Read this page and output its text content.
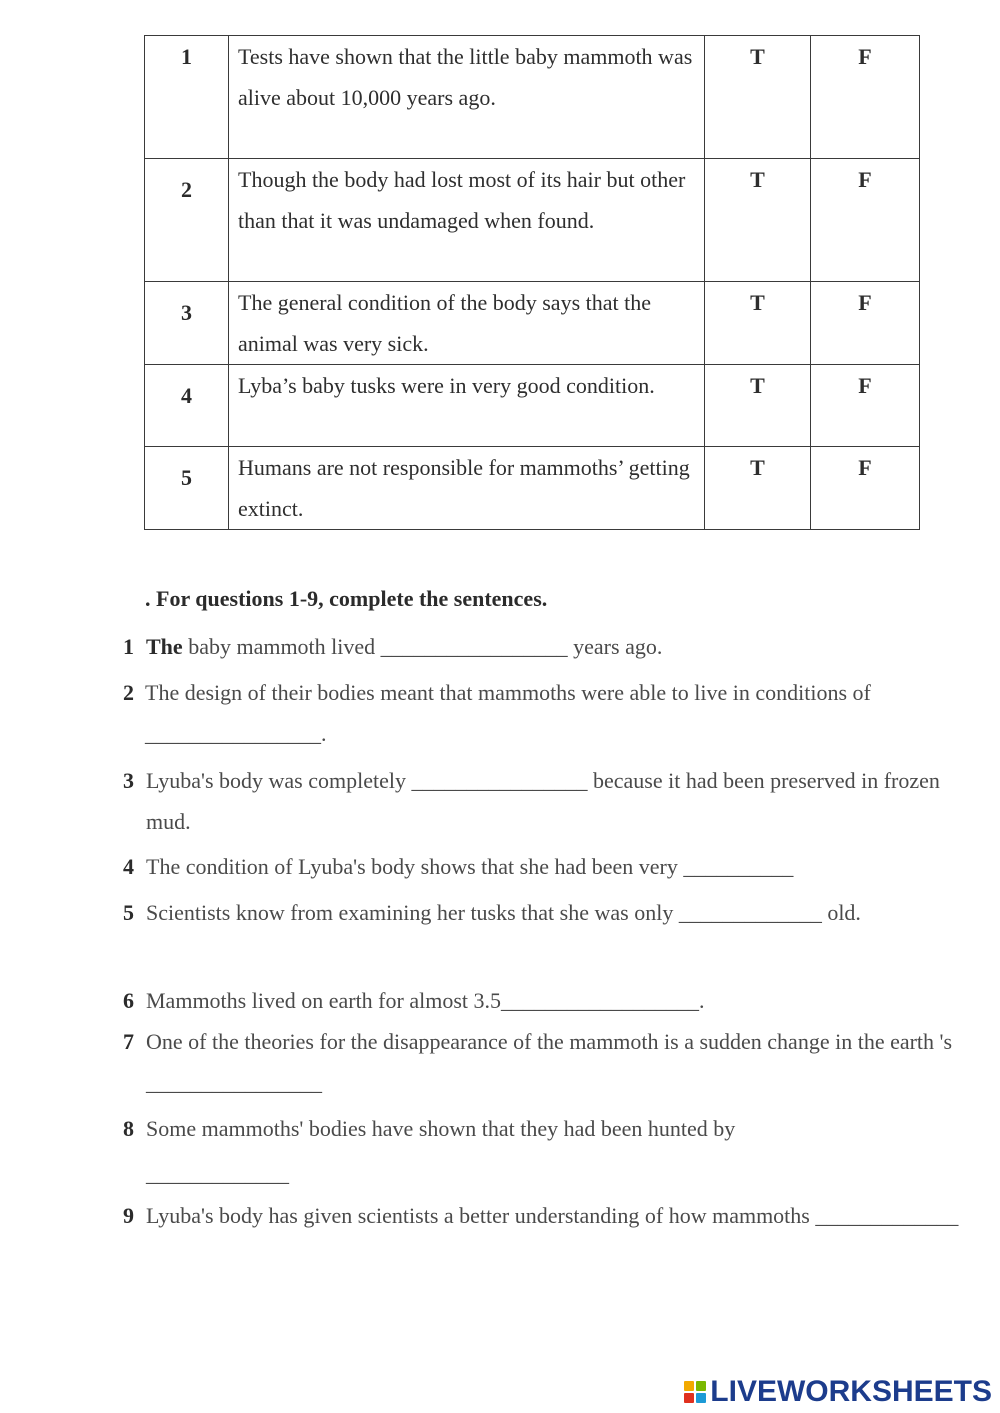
1	Tests have shown that the little baby mammoth was alive about 10,000 years ago.	T	F
2	Though the body had lost most of its hair but other than that it was undamaged when found.	T	F
3	The general condition of the body says that the animal was very sick.	T	F
4	Lyba’s baby tusks were in very good condition.	T	F
5	Humans are not responsible for mammoths’ getting extinct.	T	F

. For questions 1-9, complete the sentences.

1 The baby mammoth lived _________________ years ago.
2 The design of their bodies meant that mammoths were able to live in conditions of ________________.
3 Lyuba's body was completely ________________ because it had been preserved in frozen mud.
4 The condition of Lyuba's body shows that she had been very __________
5 Scientists know from examining her tusks that she was only _____________ old.
6 Mammoths lived on earth for almost 3.5__________________.
7 One of the theories for the disappearance of the mammoth is a sudden change in the earth 's ________________
8 Some mammoths' bodies have shown that they had been hunted by
_____________
9 Lyuba's body has given scientists a better understanding of how mammoths _____________
LIVEWORKSHEETS
